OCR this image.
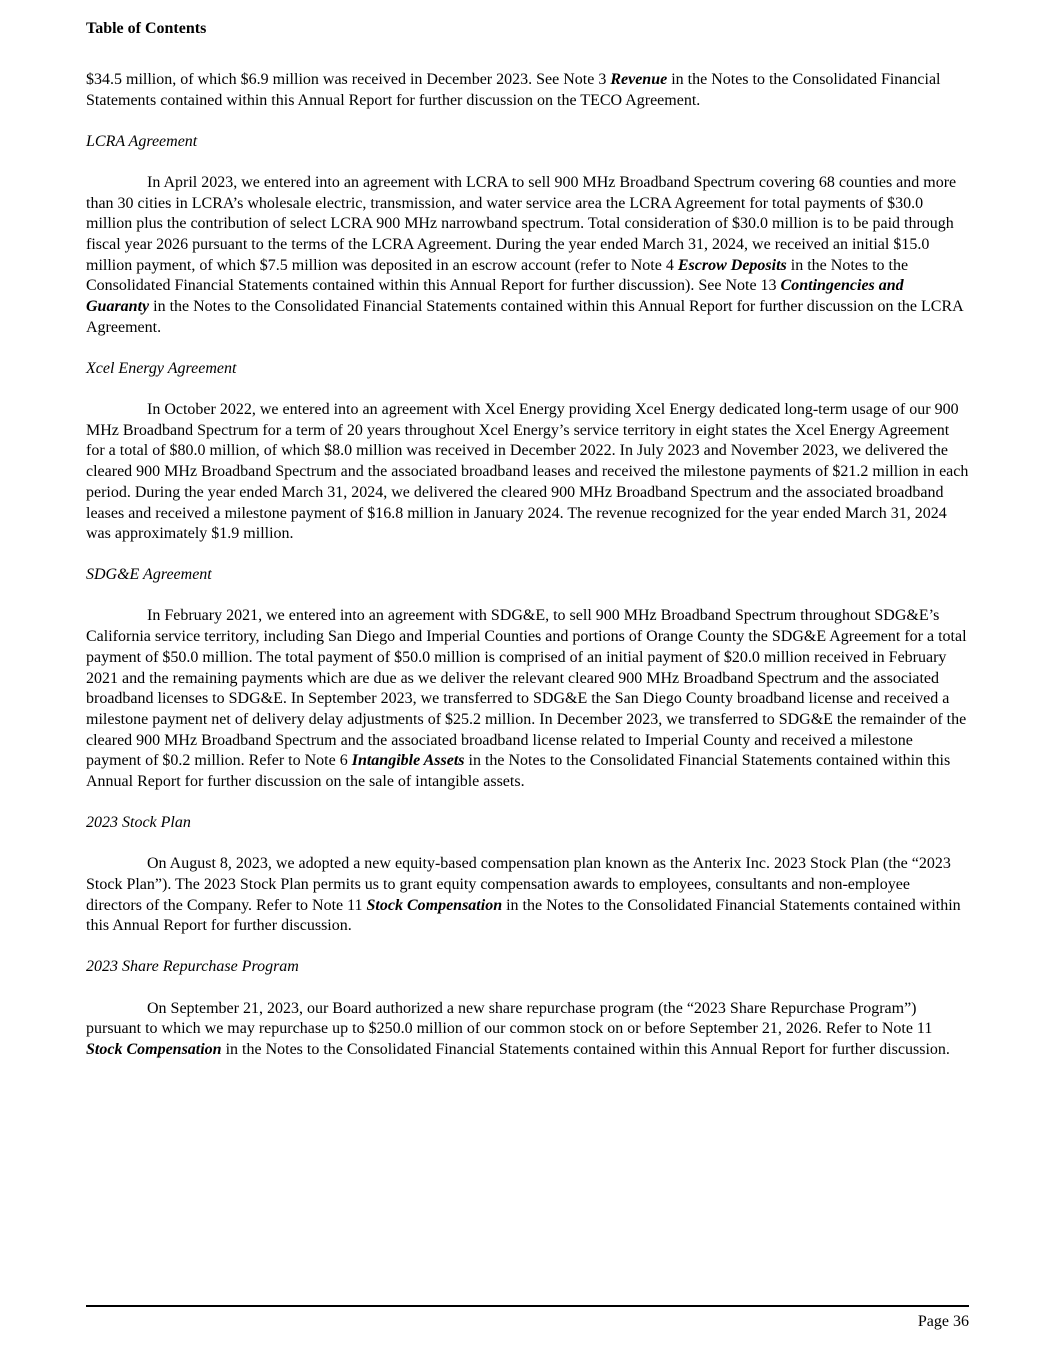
Table of Contents

$34.5 million, of which $6.9 million was received in December 2023. See Note 3 Revenue in the Notes to the Consolidated Financial Statements contained within this Annual Report for further discussion on the TECO Agreement.

LCRA Agreement

In April 2023, we entered into an agreement with LCRA to sell 900 MHz Broadband Spectrum covering 68 counties and more than 30 cities in LCRA’s wholesale electric, transmission, and water service area the LCRA Agreement for total payments of $30.0 million plus the contribution of select LCRA 900 MHz narrowband spectrum. Total consideration of $30.0 million is to be paid through fiscal year 2026 pursuant to the terms of the LCRA Agreement. During the year ended March 31, 2024, we received an initial $15.0 million payment, of which $7.5 million was deposited in an escrow account (refer to Note 4 Escrow Deposits in the Notes to the Consolidated Financial Statements contained within this Annual Report for further discussion). See Note 13 Contingencies and Guaranty in the Notes to the Consolidated Financial Statements contained within this Annual Report for further discussion on the LCRA Agreement.

Xcel Energy Agreement

In October 2022, we entered into an agreement with Xcel Energy providing Xcel Energy dedicated long-term usage of our 900 MHz Broadband Spectrum for a term of 20 years throughout Xcel Energy’s service territory in eight states the Xcel Energy Agreement for a total of $80.0 million, of which $8.0 million was received in December 2022. In July 2023 and November 2023, we delivered the cleared 900 MHz Broadband Spectrum and the associated broadband leases and received the milestone payments of $21.2 million in each period. During the year ended March 31, 2024, we delivered the cleared 900 MHz Broadband Spectrum and the associated broadband leases and received a milestone payment of $16.8 million in January 2024. The revenue recognized for the year ended March 31, 2024 was approximately $1.9 million.

SDG&E Agreement

In February 2021, we entered into an agreement with SDG&E, to sell 900 MHz Broadband Spectrum throughout SDG&E’s California service territory, including San Diego and Imperial Counties and portions of Orange County the SDG&E Agreement for a total payment of $50.0 million. The total payment of $50.0 million is comprised of an initial payment of $20.0 million received in February 2021 and the remaining payments which are due as we deliver the relevant cleared 900 MHz Broadband Spectrum and the associated broadband licenses to SDG&E. In September 2023, we transferred to SDG&E the San Diego County broadband license and received a milestone payment net of delivery delay adjustments of $25.2 million. In December 2023, we transferred to SDG&E the remainder of the cleared 900 MHz Broadband Spectrum and the associated broadband license related to Imperial County and received a milestone payment of $0.2 million. Refer to Note 6 Intangible Assets in the Notes to the Consolidated Financial Statements contained within this Annual Report for further discussion on the sale of intangible assets.

2023 Stock Plan

On August 8, 2023, we adopted a new equity-based compensation plan known as the Anterix Inc. 2023 Stock Plan (the “2023 Stock Plan”). The 2023 Stock Plan permits us to grant equity compensation awards to employees, consultants and non-employee directors of the Company. Refer to Note 11 Stock Compensation in the Notes to the Consolidated Financial Statements contained within this Annual Report for further discussion.

2023 Share Repurchase Program

On September 21, 2023, our Board authorized a new share repurchase program (the “2023 Share Repurchase Program”) pursuant to which we may repurchase up to $250.0 million of our common stock on or before September 21, 2026. Refer to Note 11 Stock Compensation in the Notes to the Consolidated Financial Statements contained within this Annual Report for further discussion.

Page 36
